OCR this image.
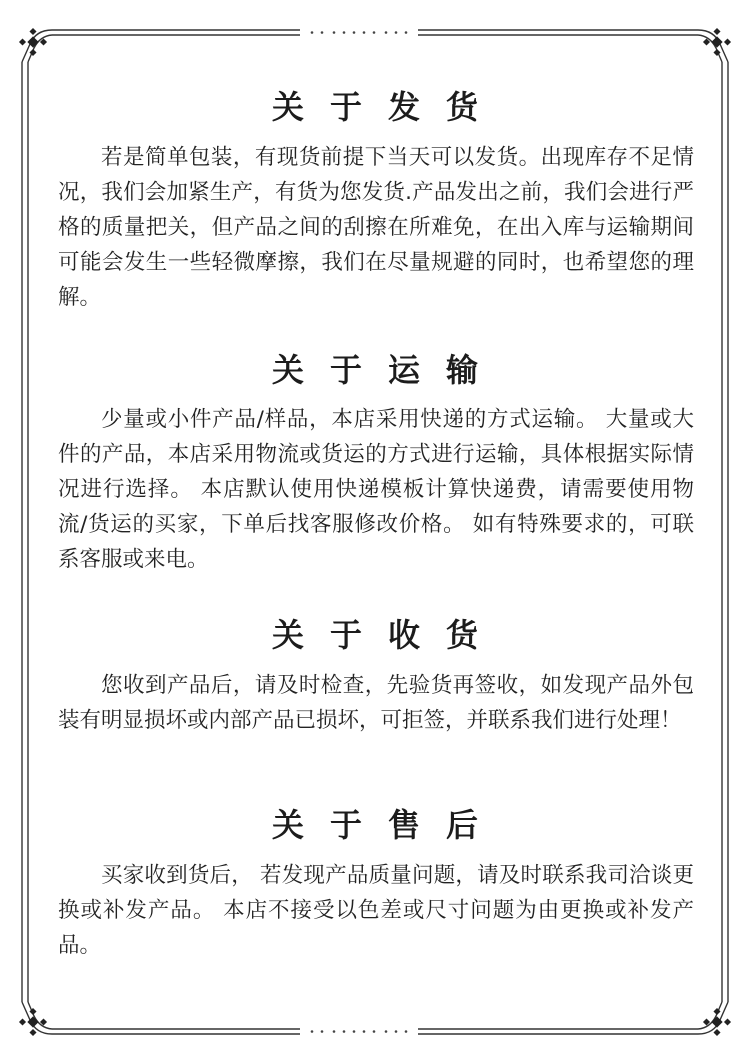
关于发货

若是简单包装，有现货前提下当天可以发货。出现库存不足情况，我们会加紧生产，有货为您发货.产品发出之前，我们会进行严格的质量把关，但产品之间的刮擦在所难免，在出入库与运输期间可能会发生一些轻微摩擦，我们在尽量规避的同时，也希望您的理解。

关于运输

少量或小件产品/样品，本店采用快递的方式运输。 大量或大件的产品，本店采用物流或货运的方式进行运输，具体根据实际情况进行选择。 本店默认使用快递模板计算快递费，请需要使用物流/货运的买家，下单后找客服修改价格。 如有特殊要求的，可联系客服或来电。

关于收货

您收到产品后，请及时检查，先验货再签收，如发现产品外包装有明显损坏或内部产品已损坏，可拒签，并联系我们进行处理！

关于售后

买家收到货后， 若发现产品质量问题，请及时联系我司洽谈更换或补发产品。 本店不接受以色差或尺寸问题为由更换或补发产品。
